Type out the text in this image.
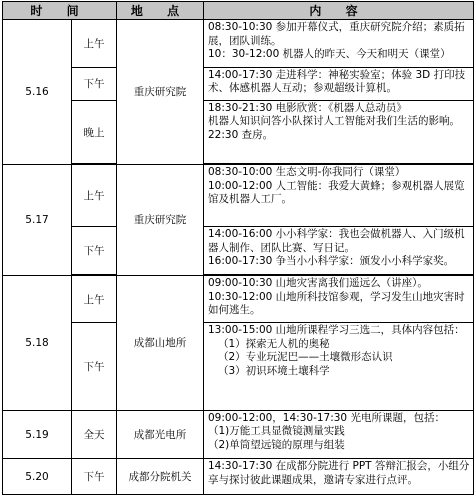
时 间		地 点	内 容
5.16	上午	重庆研究院	08:30-10:30 参加开幕仪式，重庆研究院介绍；素质拓展，团队训练。
10：30-12:00 机器人的昨天、今天和明天（课堂）

	下午		14:00-17:30 走进科学：神秘实验室；体验 3D 打印技术、体感机器人互动；参观超级计算机。

	晚上		18:30-21:30 电影欣赏：《机器人总动员》
机器人知识问答小队探讨人工智能对我们生活的影响。
22:30 查房。

5.17	上午	重庆研究院	08:30-10:00 生态文明-你我同行（课堂）
10:00-12:00 人工智能：我爱大黄蜂；参观机器人展览馆及机器人工厂。

	下午		14:00-16:00 小小科学家：我也会做机器人、入门级机器人制作、团队比赛、写日记。
16:00-17:30 争当小小科学家：颁发小小科学家奖。

5.18	上午	成都山地所	09:00-10:30 山地灾害离我们遥远么（讲座）。
10:30-12:00 山地所科技馆参观，学习发生山地灾害时如何逃生。

	下午		13:00-15:00 山地所课程学习三选二，具体内容包括：
（1）探索无人机的奥秘
（2）专业玩泥巴——土壤微形态认识
（3）初识环境土壤科学

5.19	全天	成都光电所	09:00-12:00，14:30-17:30 光电所课题，包括：
（1)万能工具显微镜测量实践
（2)单筒望远镜的原理与组装

5.20	下午	成都分院机关	14:30-17:30 在成都分院进行 PPT 答辩汇报会，小组分享与探讨彼此课题成果，邀请专家进行点评。
